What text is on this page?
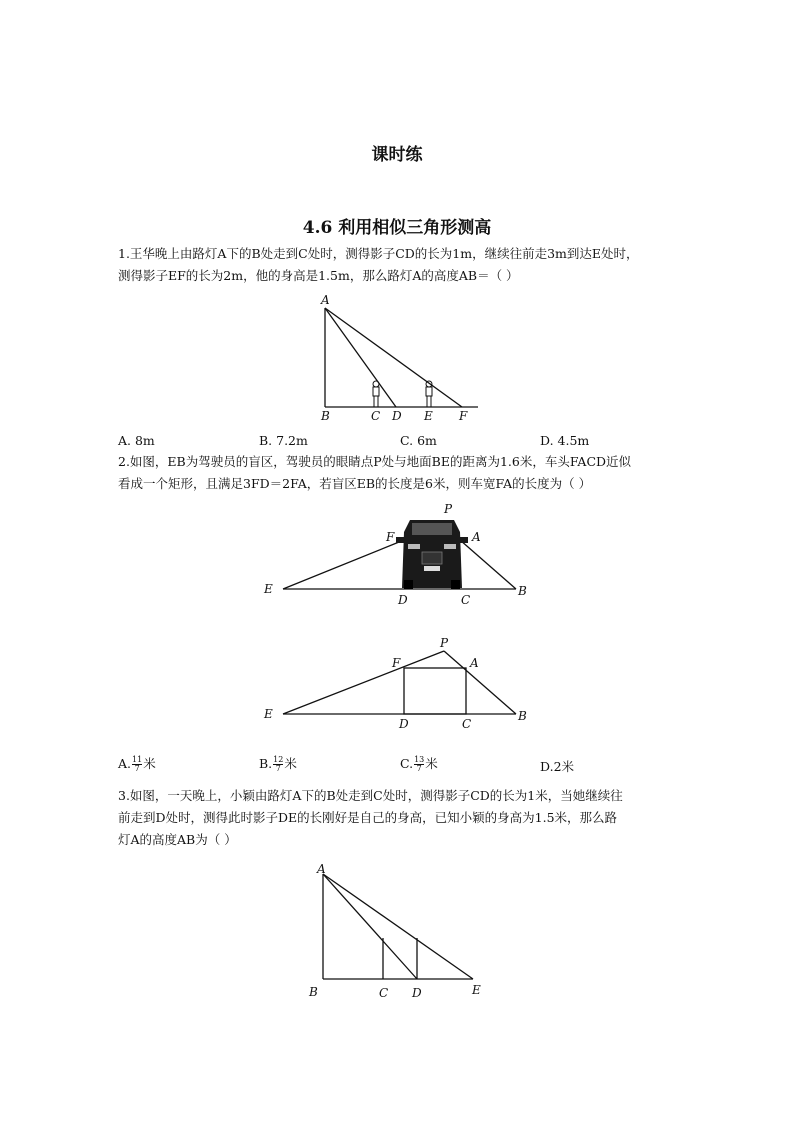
课时练
4.6 利用相似三角形测高
1.王华晚上由路灯A下的B处走到C处时，测得影子CD的长为1m，继续往前走3m到达E处时，
测得影子EF的长为2m，他的身高是1.5m，那么路灯A的高度AB＝（ ）
A
B	C D E F
A. 8m	B. 7.2m	C. 6m	D. 4.5m
2.如图，EB为驾驶员的盲区，驾驶员的眼睛点P处与地面BE的距离为1.6米，车头FACD近似
看成一个矩形，且满足3FD＝2FA，若盲区EB的长度是6米，则车宽FA的长度为（ ）
P
F	A
E
D	C
B
P
F	A
E
D	C
B
A. $\frac{11}{7}$ 米	B. $\frac{12}{7}$ 米	C. $\frac{13}{7}$ 米	D.2米
3.如图，一天晚上，小颖由路灯A下的B处走到C处时，测得影子CD的长为1米，当她继续往
前走到D处时，测得此时影子DE的长刚好是自己的身高，已知小颖的身高为1.5米，那么路
灯A的高度AB为（ ）
A
B	C D	E
